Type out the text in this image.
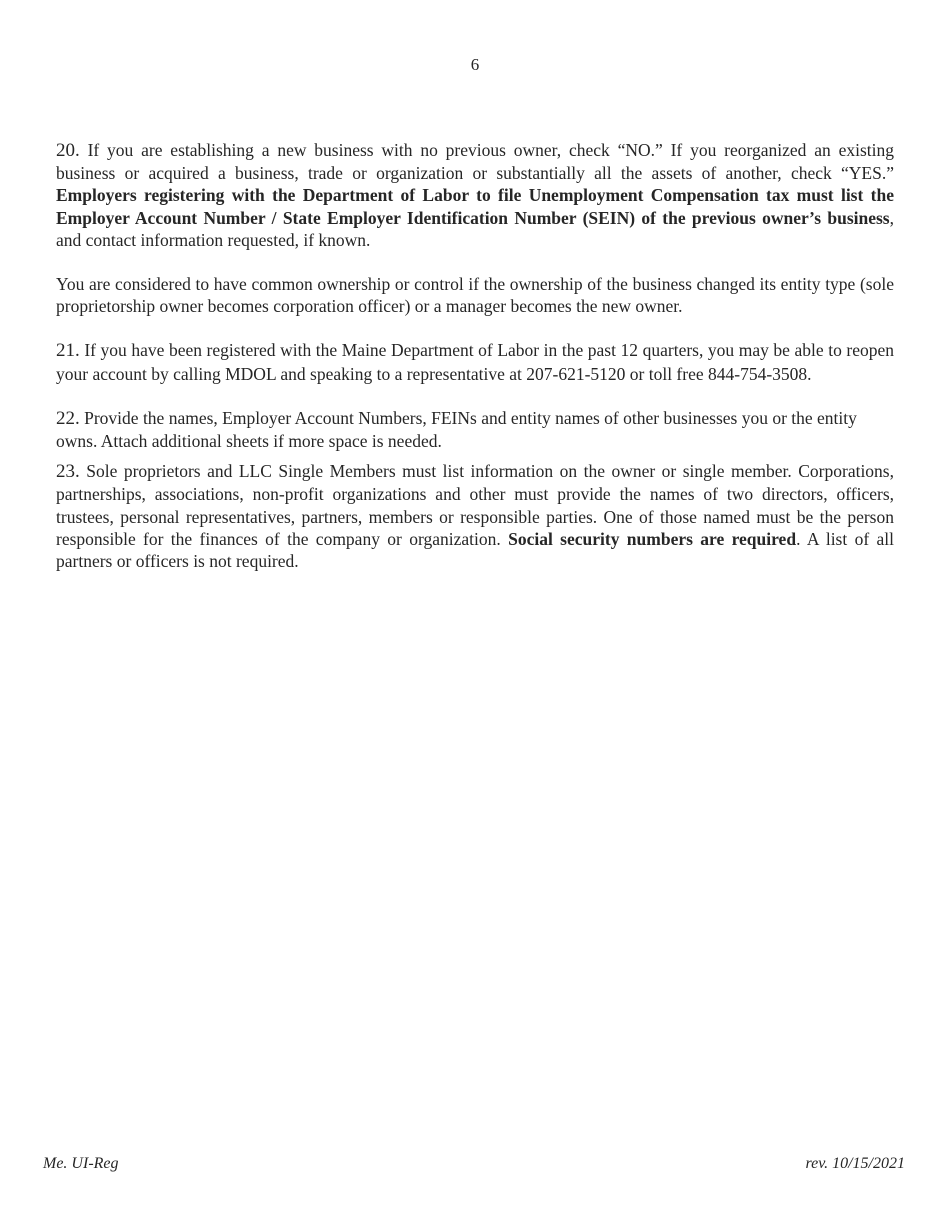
6

20. If you are establishing a new business with no previous owner, check “NO.” If you reorganized an existing business or acquired a business, trade or organization or substantially all the assets of another, check “YES.” Employers registering with the Department of Labor to file Unemployment Compensation tax must list the Employer Account Number / State Employer Identification Number (SEIN) of the previous owner’s business, and contact information requested, if known.

You are considered to have common ownership or control if the ownership of the business changed its entity type (sole proprietorship owner becomes corporation officer) or a manager becomes the new owner.

21. If you have been registered with the Maine Department of Labor in the past 12 quarters, you may be able to reopen your account by calling MDOL and speaking to a representative at 207-621-5120 or toll free 844-754-3508.

22. Provide the names, Employer Account Numbers, FEINs and entity names of other businesses you or the entity owns. Attach additional sheets if more space is needed.

23. Sole proprietors and LLC Single Members must list information on the owner or single member. Corporations, partnerships, associations, non-profit organizations and other must provide the names of two directors, officers, trustees, personal representatives, partners, members or responsible parties. One of those named must be the person responsible for the finances of the company or organization. Social security numbers are required. A list of all partners or officers is not required.

Me. UI-Reg	rev. 10/15/2021
